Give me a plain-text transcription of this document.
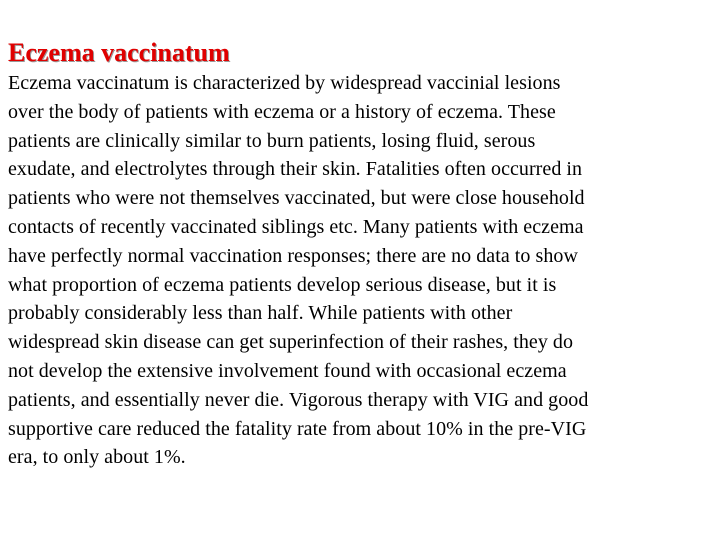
Eczema vaccinatum
Eczema vaccinatum is characterized by widespread vaccinial lesions
over the body of patients with eczema or a history of eczema. These
patients are clinically similar to burn patients, losing fluid, serous
exudate, and electrolytes through their skin. Fatalities often occurred in
patients who were not themselves vaccinated, but were close household
contacts of recently vaccinated siblings etc. Many patients with eczema
have perfectly normal vaccination responses; there are no data to show
what proportion of eczema patients develop serious disease, but it is
probably considerably less than half. While patients with other
widespread skin disease can get superinfection of their rashes, they do
not develop the extensive involvement found with occasional eczema
patients, and essentially never die. Vigorous therapy with VIG and good
supportive care reduced the fatality rate from about 10% in the pre-VIG
era, to only about 1%.
